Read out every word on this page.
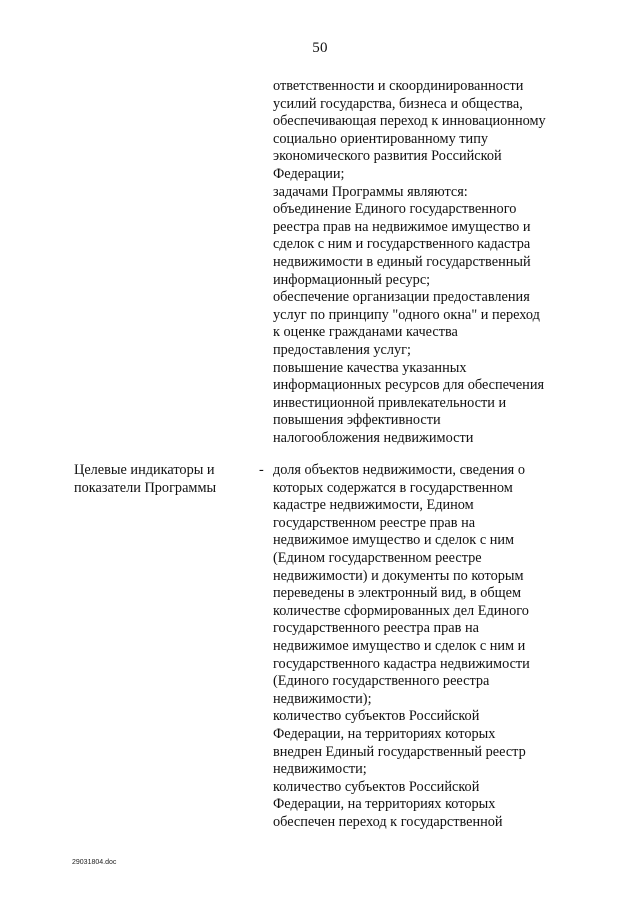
50
ответственности и скоординированности
усилий государства, бизнеса и общества,
обеспечивающая переход к инновационному
социально ориентированному типу
экономического развития Российской
Федерации;
задачами Программы являются:
объединение Единого государственного
реестра прав на недвижимое имущество и
сделок с ним и государственного кадастра
недвижимости в единый государственный
информационный ресурс;
обеспечение организации предоставления
услуг по принципу "одного окна" и переход
к оценке гражданами качества
предоставления услуг;
повышение качества указанных
информационных ресурсов для обеспечения
инвестиционной привлекательности и
повышения эффективности
налогообложения недвижимости
Целевые индикаторы и
показатели Программы
- доля объектов недвижимости, сведения о
которых содержатся в государственном
кадастре недвижимости, Едином
государственном реестре прав на
недвижимое имущество и сделок с ним
(Едином государственном реестре
недвижимости) и документы по которым
переведены в электронный вид, в общем
количестве сформированных дел Единого
государственного реестра прав на
недвижимое имущество и сделок с ним и
государственного кадастра недвижимости
(Единого государственного реестра
недвижимости);
количество субъектов Российской
Федерации, на территориях которых
внедрен Единый государственный реестр
недвижимости;
количество субъектов Российской
Федерации, на территориях которых
обеспечен переход к государственной
29031804.doc
